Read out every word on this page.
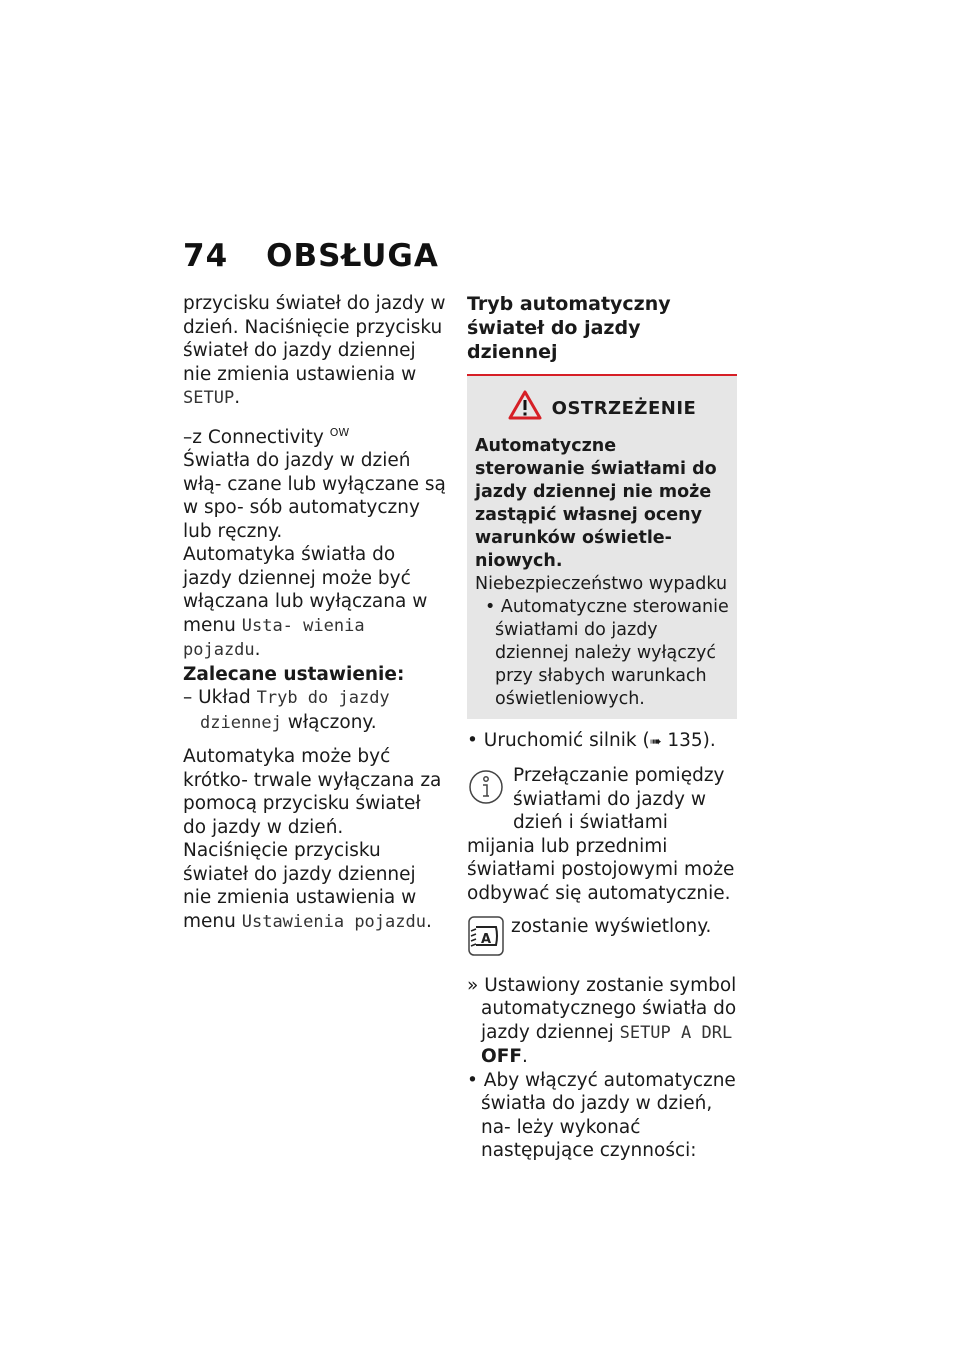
74 OBSŁUGA

przycisku świateł do jazdy w dzień. Naciśnięcie przycisku świateł do jazdy dziennej nie zmienia ustawienia w SETUP.

–z Connectivity $^{OW}$

Światła do jazdy w dzień włą- czane lub wyłączane są w spo- sób automatyczny lub ręczny.

Automatyka światła do jazdy dziennej może być włączana lub wyłączana w menu Usta- wienia pojazdu.

Zalecane ustawienie:

– Układ Tryb do jazdy dziennej włączony.

Automatyka może być krótko- trwale wyłączana za pomocą przycisku świateł do jazdy w dzień. Naciśnięcie przycisku świateł do jazdy dziennej nie zmienia ustawienia w menu Ustawienia pojazdu.

Tryb automatyczny świateł do jazdy dziennej

OSTRZEŻENIE

Automatyczne sterowanie światłami do jazdy dziennej nie może zastąpić własnej oceny warunków oświetle- niowych.

Niebezpieczeństwo wypadku

• Automatyczne sterowanie światłami do jazdy dziennej należy wyłączyć przy słabych warunkach oświetleniowych.

• Uruchomić silnik (➠ 135).

Przełączanie pomiędzy światłami do jazdy w dzień i światłami mijania lub przednimi światłami postojowymi może odbywać się automatycznie.

A

zostanie wyświetlony.

» Ustawiony zostanie symbol automatycznego światła do jazdy dziennej SETUP A DRL OFF.

• Aby włączyć automatyczne światła do jazdy w dzień, na- leży wykonać następujące czynności:
